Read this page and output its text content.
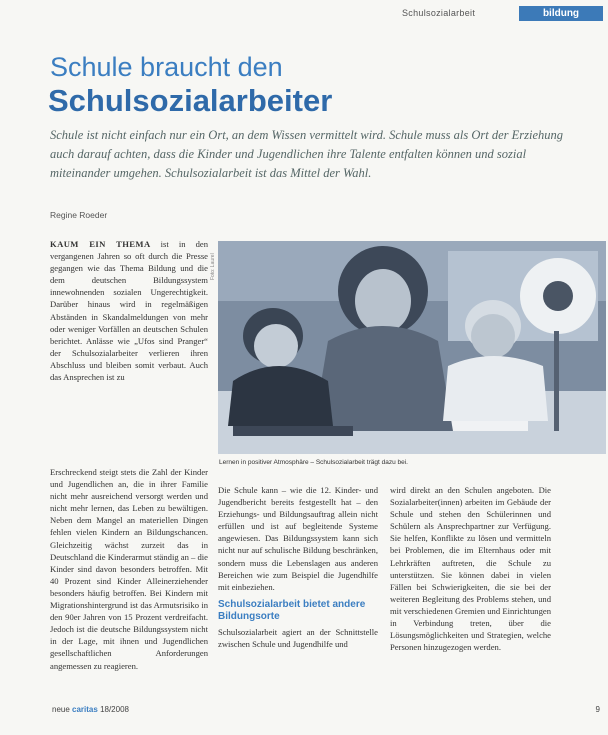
Schulsozialarbeit	bildung
Schule braucht den
Schulsozialarbeiter
Schule ist nicht einfach nur ein Ort, an dem Wissen vermittelt wird. Schule muss als Ort der Erziehung auch darauf achten, dass die Kinder und Jugendlichen ihre Talente entfalten können und sozial miteinander umgehen. Schulsozialarbeit ist das Mittel der Wahl.
Regine Roeder
KAUM EIN THEMA ist in den vergangenen Jahren so oft durch die Presse gegangen wie das Thema Bildung und die dem deutschen Bildungssystem innewohnenden sozialen Ungerechtigkeit. Darüber hinaus wird in regelmäßigen Abständen in Skandalmeldungen von mehr oder weniger Vorfällen an deutschen Schulen berichtet. Anlässe wie „Ufos sind Pranger“ der Schulsozialarbeiter verlieren ihren Abschluss und bleiben somit verbaut. Auch das Ansprechen ist zu
Erschreckend steigt stets die Zahl der Kinder und Jugendlichen an, die in ihrer Familie nicht mehr ausreichend versorgt werden und nicht mehr lernen, das Leben zu bewältigen. Neben dem Mangel an materiellen Dingen fehlen vielen Kindern an Bildungschancen. Gleichzeitig wächst zurzeit das in Deutschland die Kinderarmut ständig an – die Kinder sind davon besonders betroffen. Mit 40 Prozent sind Kinder Alleinerziehender besonders häufig betroffen. Bei Kindern mit Migrationshintergrund ist das Armutsrisiko in den 90er Jahren von 15 Prozent verdreifacht. Jedoch ist die deutsche Bildungssystem nicht in der Lage, mit ihnen und Jugendlichen gesellschaftlichen Anforderungen angemessen zu reagieren.
Foto: Laurel
Lernen in positiver Atmosphäre – Schulsozialarbeit trägt dazu bei.
Die Schule kann – wie die 12. Kinder- und Jugendbericht bereits festgestellt hat – den Erziehungs- und Bildungsauftrag allein nicht erfüllen und ist auf begleitende Systeme angewiesen. Das Bildungssystem kann sich nicht nur auf schulische Bildung beschränken, sondern muss die Lebenslagen aus anderen Bereichen wie zum Beispiel die Jugendhilfe mit einbeziehen.
Schulsozialarbeit bietet andere Bildungsorte
Schulsozialarbeit agiert an der Schnittstelle zwischen Schule und Jugendhilfe und
wird direkt an den Schulen angeboten. Die Sozialarbeiter(innen) arbeiten im Gebäude der Schule und stehen den Schülerinnen und Schülern als Ansprechpartner zur Verfügung. Sie helfen, Konflikte zu lösen und vermitteln bei Problemen, die im Elternhaus oder mit Lehrkräften auftreten, die Schule zu unterstützen. Sie können dabei in vielen Fällen bei Schwierigkeiten, die sie bei der weiteren Begleitung des Problems stehen, und mit verschiedenen Gremien und Einrichtungen in Verbindung treten, über die Lösungsmöglichkeiten und Strategien, welche Personen hinzugezogen werden.
neue caritas 18/2008	9
